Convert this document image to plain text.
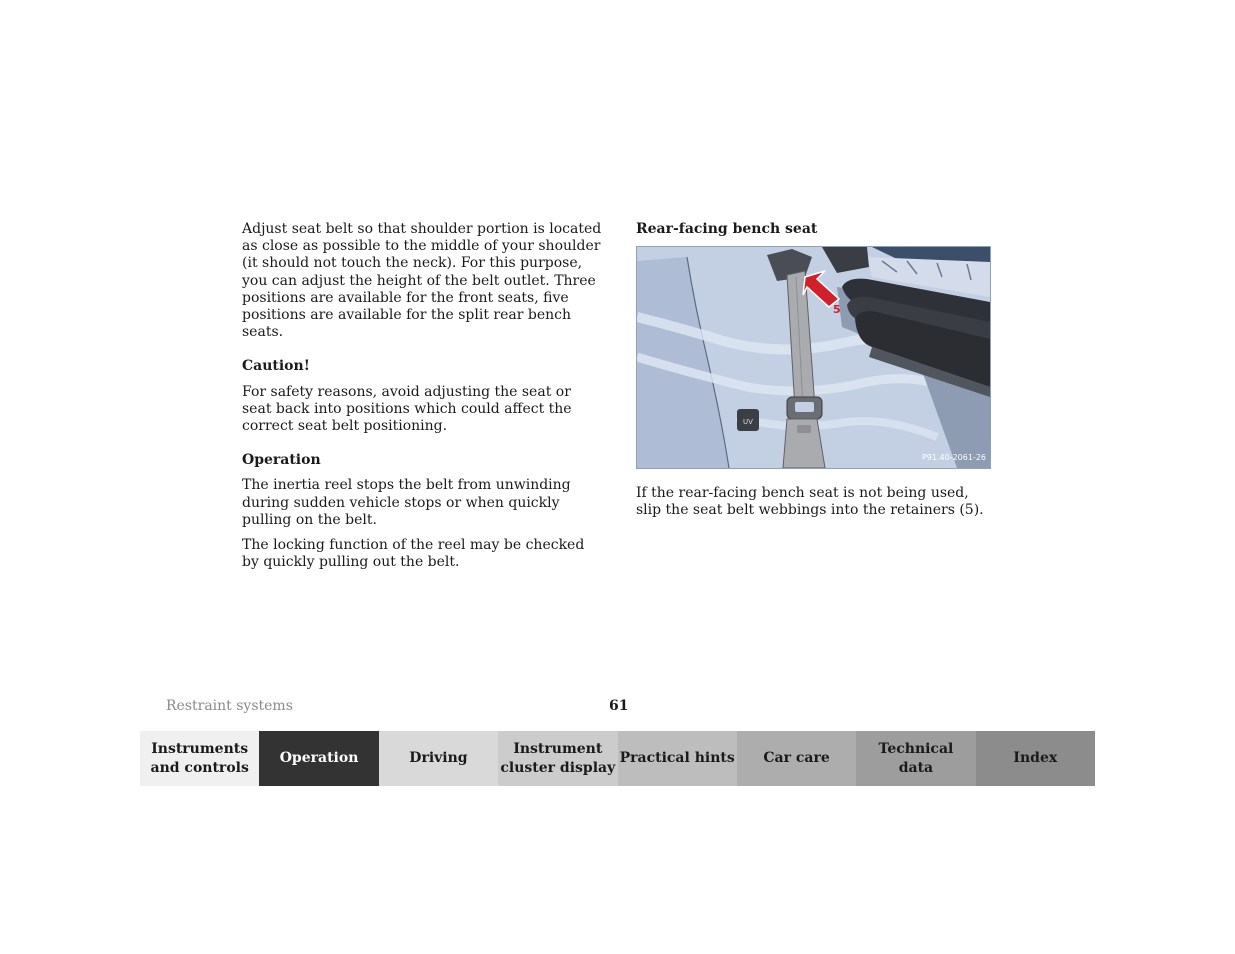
Adjust seat belt so that shoulder portion is located as close as possible to the middle of your shoulder (it should not touch the neck). For this purpose, you can adjust the height of the belt outlet. Three positions are available for the front seats, five positions are available for the split rear bench seats.

Caution!

For safety reasons, avoid adjusting the seat or seat back into positions which could affect the correct seat belt positioning.

Operation

The inertia reel stops the belt from unwinding during sudden vehicle stops or when quickly pulling on the belt.

The locking function of the reel may be checked by quickly pulling out the belt.

Rear-facing bench seat
UV
5
P91.40-2061-26

If the rear-facing bench seat is not being used, slip the seat belt webbings into the retainers (5).

Restraint systems	61
Instruments
and controls
Operation	Driving
Instrument
cluster display
Practical hints Car care
Technical
data
Index
